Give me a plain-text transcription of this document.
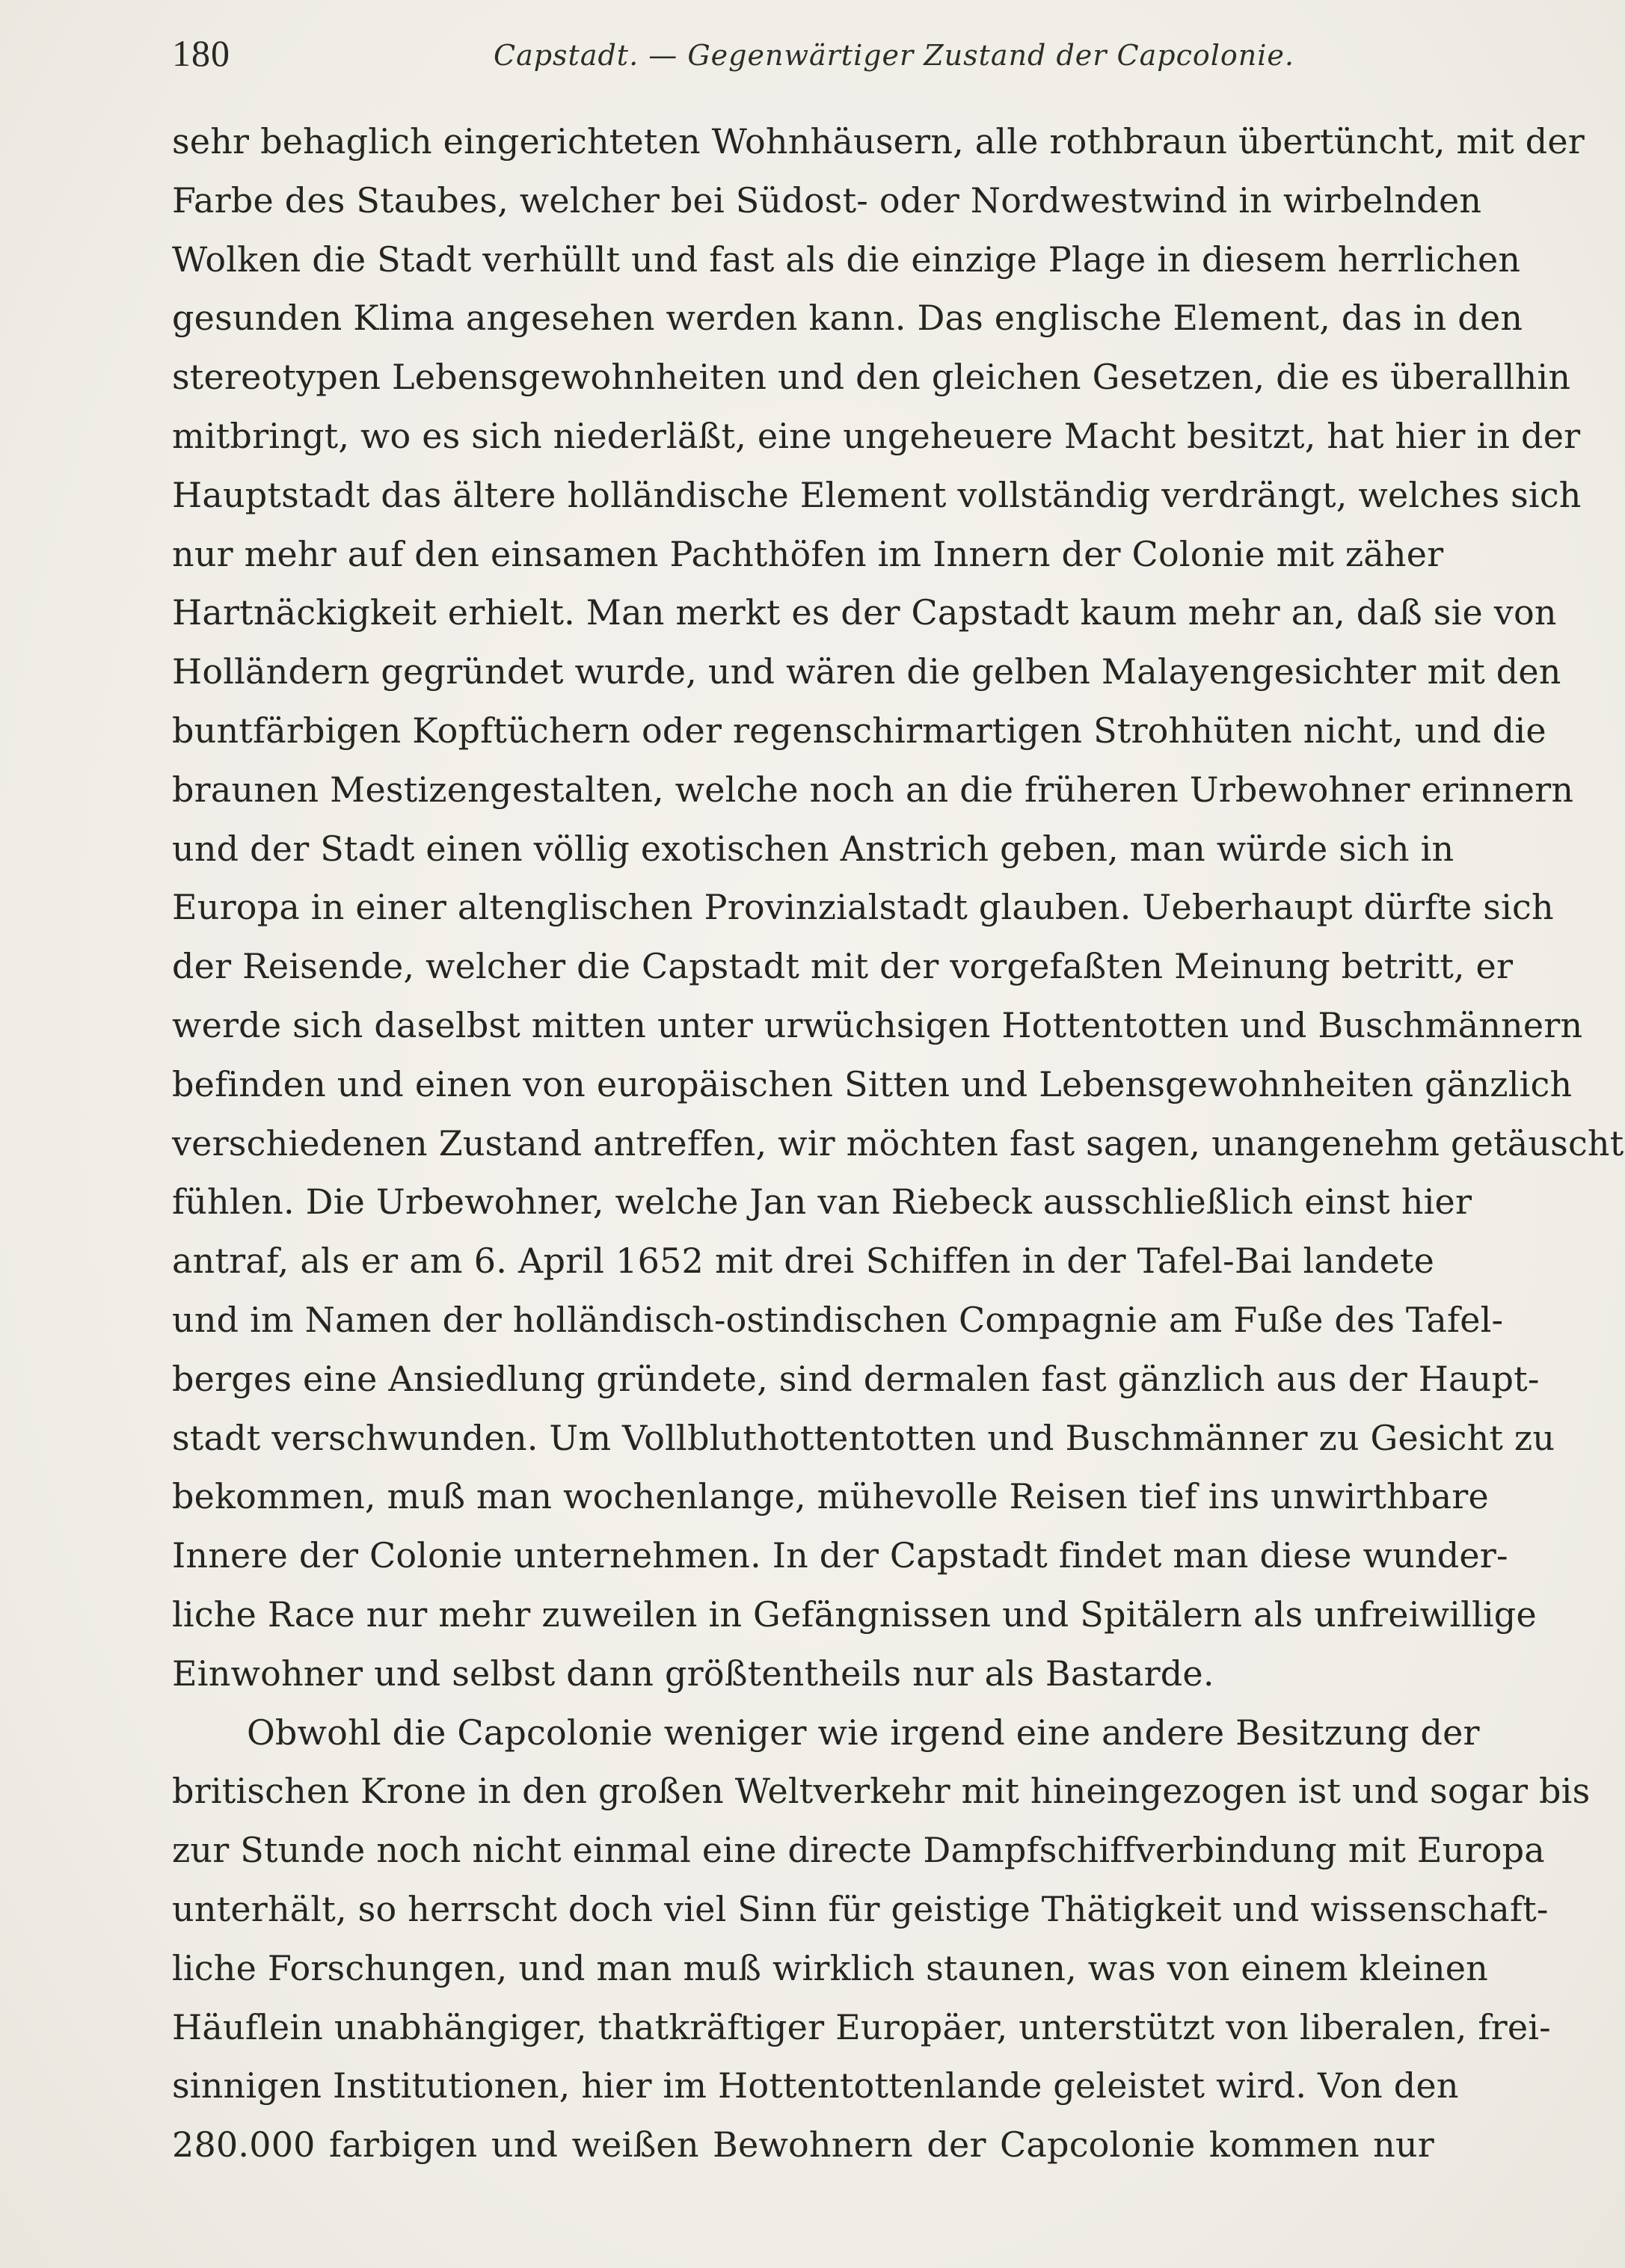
180	Capstadt. — Gegenwärtiger Zustand der Capcolonie.
sehr behaglich eingerichteten Wohnhäusern, alle rothbraun übertüncht, mit der
Farbe des Staubes, welcher bei Südost- oder Nordwestwind in wirbelnden
Wolken die Stadt verhüllt und fast als die einzige Plage in diesem herrlichen
gesunden Klima angesehen werden kann. Das englische Element, das in den
stereotypen Lebensgewohnheiten und den gleichen Gesetzen, die es überallhin
mitbringt, wo es sich niederläßt, eine ungeheuere Macht besitzt, hat hier in der
Hauptstadt das ältere holländische Element vollständig verdrängt, welches sich
nur mehr auf den einsamen Pachthöfen im Innern der Colonie mit zäher
Hartnäckigkeit erhielt. Man merkt es der Capstadt kaum mehr an, daß sie von
Holländern gegründet wurde, und wären die gelben Malayengesichter mit den
buntfärbigen Kopftüchern oder regenschirmartigen Strohhüten nicht, und die
braunen Mestizengestalten, welche noch an die früheren Urbewohner erinnern
und der Stadt einen völlig exotischen Anstrich geben, man würde sich in
Europa in einer altenglischen Provinzialstadt glauben. Ueberhaupt dürfte sich
der Reisende, welcher die Capstadt mit der vorgefaßten Meinung betritt, er
werde sich daselbst mitten unter urwüchsigen Hottentotten und Buschmännern
befinden und einen von europäischen Sitten und Lebensgewohnheiten gänzlich
verschiedenen Zustand antreffen, wir möchten fast sagen, unangenehm getäuscht
fühlen. Die Urbewohner, welche Jan van Riebeck ausschließlich einst hier
antraf, als er am 6. April 1652 mit drei Schiffen in der Tafel-Bai landete
und im Namen der holländisch-ostindischen Compagnie am Fuße des Tafel-
berges eine Ansiedlung gründete, sind dermalen fast gänzlich aus der Haupt-
stadt verschwunden. Um Vollbluthottentotten und Buschmänner zu Gesicht zu
bekommen, muß man wochenlange, mühevolle Reisen tief ins unwirthbare
Innere der Colonie unternehmen. In der Capstadt findet man diese wunder-
liche Race nur mehr zuweilen in Gefängnissen und Spitälern als unfreiwillige
Einwohner und selbst dann größtentheils nur als Bastarde.
Obwohl die Capcolonie weniger wie irgend eine andere Besitzung der
britischen Krone in den großen Weltverkehr mit hineingezogen ist und sogar bis
zur Stunde noch nicht einmal eine directe Dampfschiffverbindung mit Europa
unterhält, so herrscht doch viel Sinn für geistige Thätigkeit und wissenschaft-
liche Forschungen, und man muß wirklich staunen, was von einem kleinen
Häuflein unabhängiger, thatkräftiger Europäer, unterstützt von liberalen, frei-
sinnigen Institutionen, hier im Hottentottenlande geleistet wird. Von den
280.000 farbigen und weißen Bewohnern der Capcolonie kommen nur
